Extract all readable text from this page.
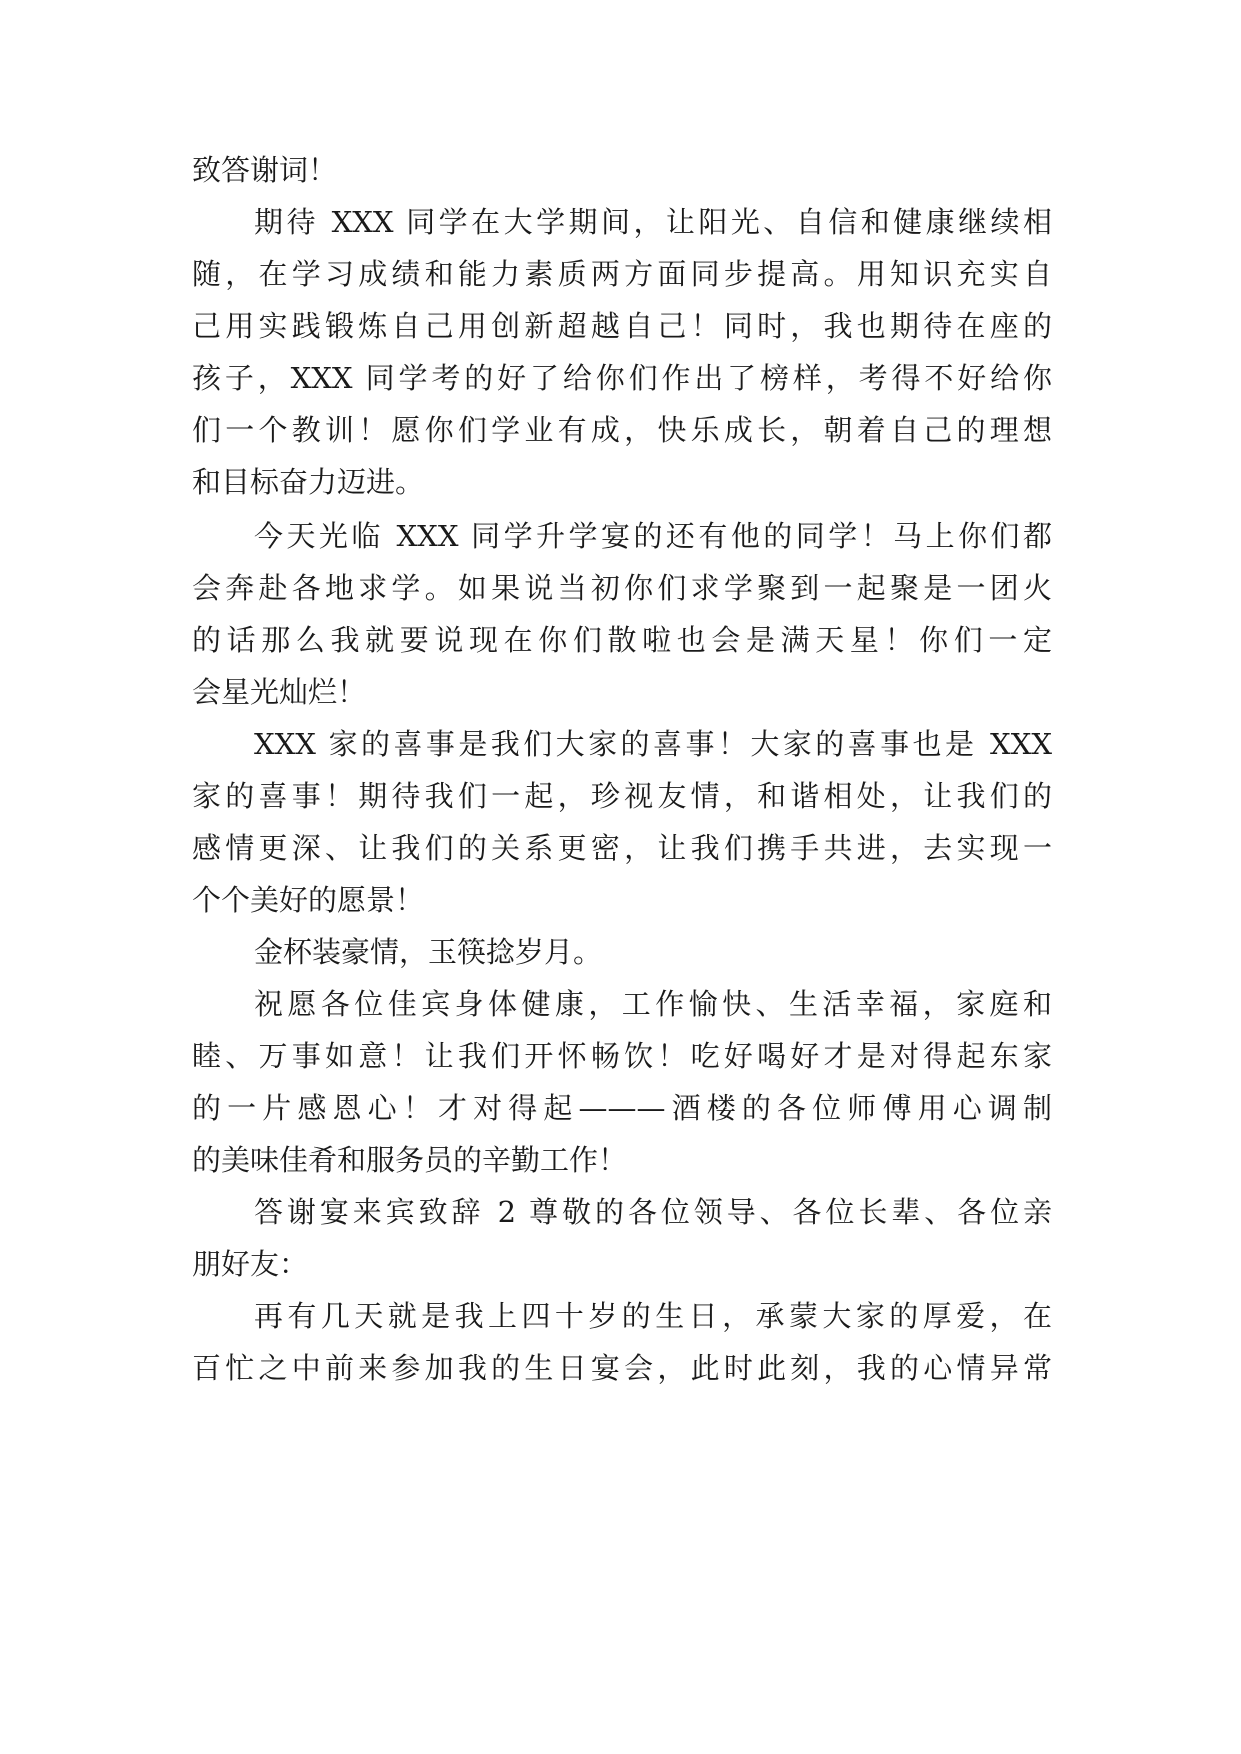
致答谢词！
期待 XXX 同学在大学期间，让阳光、自信和健康继续相
随，在学习成绩和能力素质两方面同步提高。用知识充实自
己用实践锻炼自己用创新超越自己！同时，我也期待在座的
孩子，XXX 同学考的好了给你们作出了榜样，考得不好给你
们一个教训！愿你们学业有成，快乐成长，朝着自己的理想
和目标奋力迈进。
今天光临 XXX 同学升学宴的还有他的同学！马上你们都
会奔赴各地求学。如果说当初你们求学聚到一起聚是一团火
的话那么我就要说现在你们散啦也会是满天星！你们一定
会星光灿烂！
XXX 家的喜事是我们大家的喜事！大家的喜事也是 XXX
家的喜事！期待我们一起，珍视友情，和谐相处，让我们的
感情更深、让我们的关系更密，让我们携手共进，去实现一
个个美好的愿景！
金杯装豪情，玉筷捻岁月。
祝愿各位佳宾身体健康，工作愉快、生活幸福，家庭和
睦、万事如意！让我们开怀畅饮！吃好喝好才是对得起东家
的一片感恩心！才对得起———酒楼的各位师傅用心调制
的美味佳肴和服务员的辛勤工作！
答谢宴来宾致辞 2 尊敬的各位领导、各位长辈、各位亲
朋好友：
再有几天就是我上四十岁的生日，承蒙大家的厚爱，在
百忙之中前来参加我的生日宴会，此时此刻，我的心情异常
